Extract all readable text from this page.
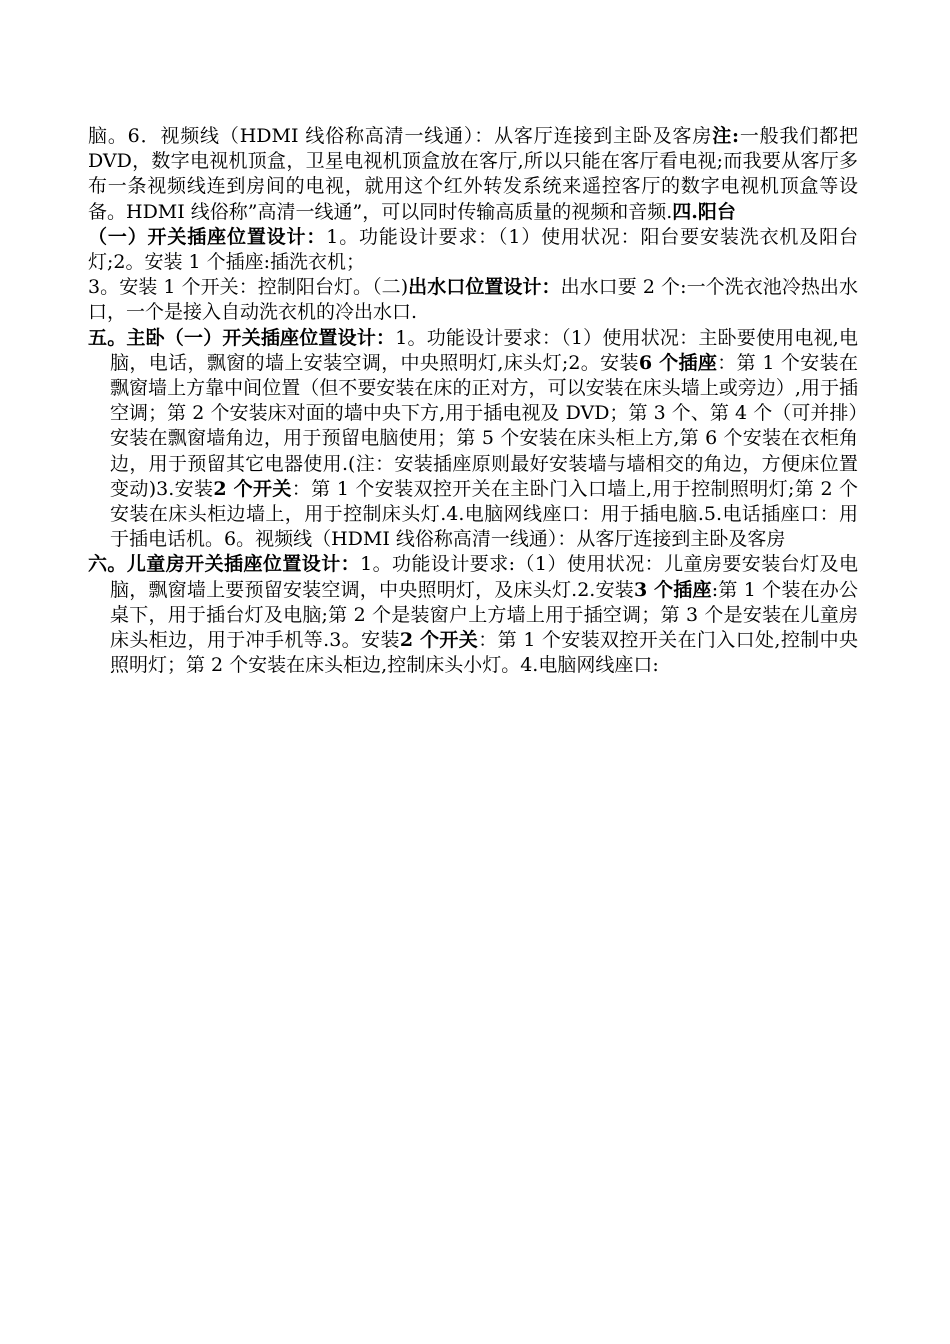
脑。6．视频线（HDMI 线俗称高清一线通）：从客厅连接到主卧及客房注:一般我们都把 DVD，数字电视机顶盒，卫星电视机顶盒放在客厅,所以只能在客厅看电视;而我要从客厅多布一条视频线连到房间的电视，就用这个红外转发系统来遥控客厅的数字电视机顶盒等设备。HDMI 线俗称”高清一线通”，可以同时传输高质量的视频和音频.四.阳台

（一）开关插座位置设计：1。功能设计要求：（1）使用状况：阳台要安装洗衣机及阳台灯;2。安装 1 个插座:插洗衣机；

3。安装 1 个开关：控制阳台灯。（二)出水口位置设计：出水口要 2 个:一个洗衣池冷热出水口，一个是接入自动洗衣机的冷出水口.

五。主卧（一）开关插座位置设计：1。功能设计要求：（1）使用状况：主卧要使用电视,电脑，电话，飘窗的墙上安装空调，中央照明灯,床头灯;2。安装6 个插座：第 1 个安装在飘窗墙上方靠中间位置（但不要安装在床的正对方，可以安装在床头墙上或旁边）,用于插空调；第 2 个安装床对面的墙中央下方,用于插电视及 DVD；第 3 个、第 4 个（可并排）安装在飘窗墙角边，用于预留电脑使用；第 5 个安装在床头柜上方,第 6 个安装在衣柜角边，用于预留其它电器使用.(注：安装插座原则最好安装墙与墙相交的角边，方便床位置变动)3.安装2 个开关：第 1 个安装双控开关在主卧门入口墙上,用于控制照明灯;第 2 个安装在床头柜边墙上，用于控制床头灯.4.电脑网线座口：用于插电脑.5.电话插座口：用于插电话机。6。视频线（HDMI 线俗称高清一线通）：从客厅连接到主卧及客房

六。儿童房开关插座位置设计：1。功能设计要求:（1）使用状况：儿童房要安装台灯及电脑，飘窗墙上要预留安装空调，中央照明灯，及床头灯.2.安装3 个插座:第 1 个装在办公桌下，用于插台灯及电脑;第 2 个是装窗户上方墙上用于插空调；第 3 个是安装在儿童房床头柜边，用于冲手机等.3。安装2 个开关：第 1 个安装双控开关在门入口处,控制中央照明灯；第 2 个安装在床头柜边,控制床头小灯。4.电脑网线座口:
